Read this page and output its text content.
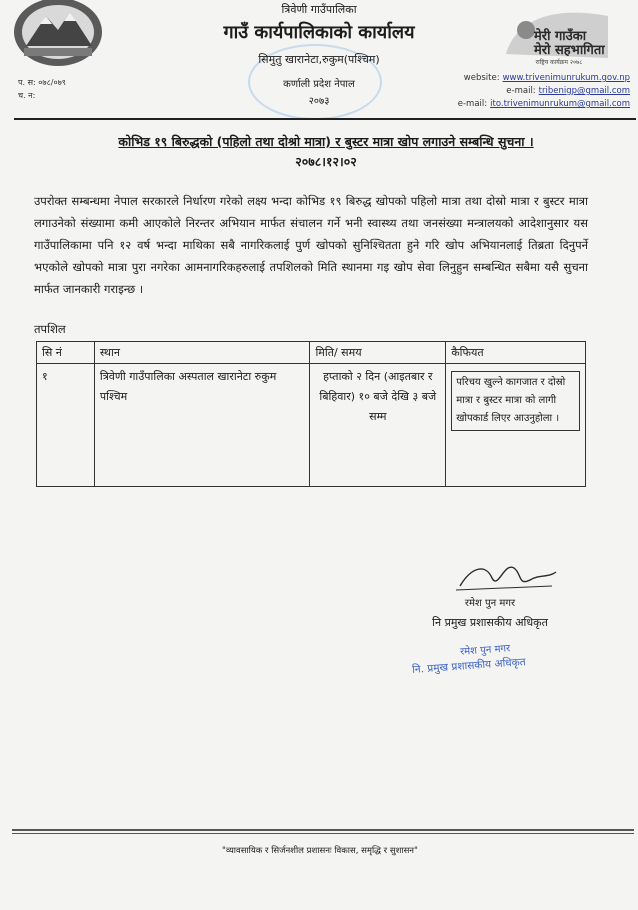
प. स: ०७८/०७९
च. न:
त्रिवेणी गाउँपालिका
गाउँ कार्यपालिकाको कार्यालय
सिमुतु खारानेटा,रुकुम(पश्चिम)
कर्णाली प्रदेश नेपाल
२०७३
मेरी गाउँका
मेरो सहभागिता
राष्ट्रिय कार्यक्रम २०७८
website: www.trivenimunrukum.gov.np
e-mail: tribenigp@gmail.com
e-mail: ito.trivenimunrukum@gmail.com
कोभिड १९ बिरुद्धको (पहिलो तथा दोश्रो मात्रा) र बुस्टर मात्रा खोप लगाउने सम्बन्धि सुचना ।
२०७८।१२।०२
उपरोक्त सम्बन्धमा नेपाल सरकारले निर्धारण गरेको लक्ष्य भन्दा कोभिड १९ बिरुद्ध खोपको पहिलो मात्रा तथा दोस्रो मात्रा र बुस्टर मात्रा लगाउनेको संख्यामा कमी आएकोले निरन्तर अभियान मार्फत संचालन गर्ने भनी स्वास्थ्य तथा जनसंख्या मन्त्रालयको आदेशानुसार यस गाउँपालिकामा पनि १२ वर्ष भन्दा माथिका सबै नागरिकलाई पुर्ण खोपको सुनिश्चितता हुने गरि खोप अभियानलाई तिब्रता दिनुपर्ने भएकोले खोपको मात्रा पुरा नगरेका आमनागरिकहरुलाई तपशिलको मिति स्थानमा गइ खोप सेवा लिनुहुन सम्बन्धित सबैमा यसै सुचना मार्फत जानकारी गराइन्छ ।
तपशिल
सि नं	स्थान	मिति/ समय	कैफियत
१	त्रिवेणी गाउँपालिका अस्पताल खारानेटा रुकुम पश्चिम	हप्ताको २ दिन (आइतबार र बिहिवार) १० बजे देखि ३ बजे सम्म	परिचय खुल्ने कागजात र दोस्रो मात्रा र बुस्टर मात्रा को लागी खोपकार्ड लिएर आउनुहोला ।
रमेश पुन मगर
नि प्रमुख प्रशासकीय अधिकृत
रमेश पुन मगर
नि. प्रमुख प्रशासकीय अधिकृत
"व्यावसायिक र सिर्जनशील प्रशासनः विकास, समृद्धि र सुशासन"
